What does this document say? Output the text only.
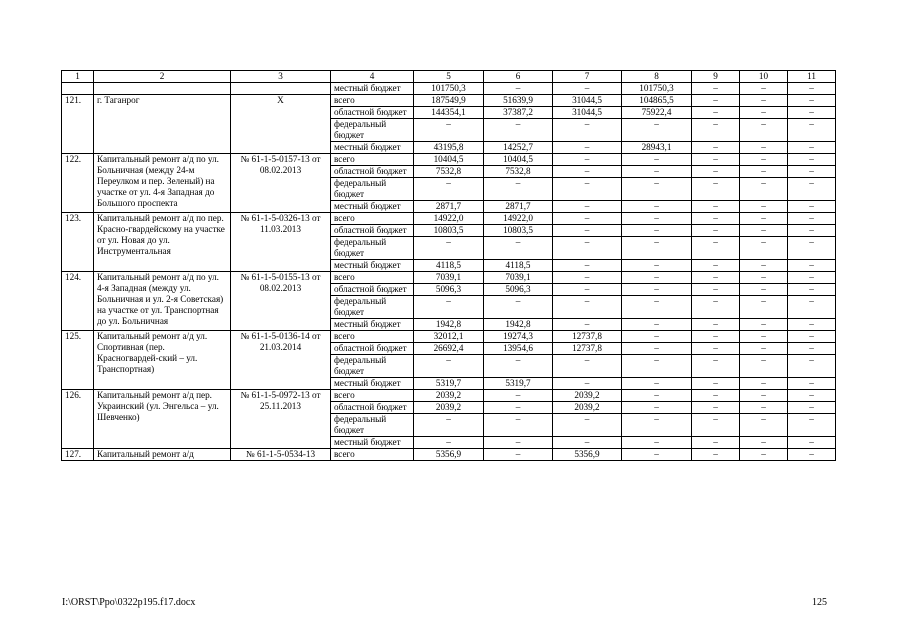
1	2	3	4	5	6	7	8	9	10	11
			местный бюджет	101750,3	–	–	101750,3	–	–	–
121.	г. Таганрог	X	всего	187549,9	51639,9	31044,5	104865,5	–	–	–
			областной бюджет	144354,1	37387,2	31044,5	75922,4	–	–	–
			федеральный бюджет	–	–	–	–	–	–	–
			местный бюджет	43195,8	14252,7	–	28943,1	–	–	–
122.	Капитальный ремонт а/д по ул. Больничная (между 24-м Переулком и пер. Зеленый) на участке от ул. 4-я Западная до Большого проспекта	№ 61-1-5-0157-13 от 08.02.2013	всего	10404,5	10404,5	–	–	–	–	–
			областной бюджет	7532,8	7532,8	–	–	–	–	–
			федеральный бюджет	–	–	–	–	–	–	–
			местный бюджет	2871,7	2871,7	–	–	–	–	–
123.	Капитальный ремонт а/д по пер. Красно-гвардейскому на участке от ул. Новая до ул. Инструментальная	№ 61-1-5-0326-13 от 11.03.2013	всего	14922,0	14922,0	–	–	–	–	–
			областной бюджет	10803,5	10803,5	–	–	–	–	–
			федеральный бюджет	–	–	–	–	–	–	–
			местный бюджет	4118,5	4118,5	–	–	–	–	–
124.	Капитальный ремонт а/д по ул. 4-я Западная (между ул. Больничная и ул. 2-я Советская) на участке от ул. Транспортная до ул. Больничная	№ 61-1-5-0155-13 от 08.02.2013	всего	7039,1	7039,1	–	–	–	–	–
			областной бюджет	5096,3	5096,3	–	–	–	–	–
			федеральный бюджет	–	–	–	–	–	–	–
			местный бюджет	1942,8	1942,8	–	–	–	–	–
125.	Капитальный ремонт а/д ул. Спортивная (пер. Красногвардей-ский – ул. Транспортная)	№ 61-1-5-0136-14 от 21.03.2014	всего	32012,1	19274,3	12737,8	–	–	–	–
			областной бюджет	26692,4	13954,6	12737,8	–	–	–	–
			федеральный бюджет	–	–	–	–	–	–	–
			местный бюджет	5319,7	5319,7	–	–	–	–	–
126.	Капитальный ремонт а/д пер. Украинский (ул. Энгельса – ул. Шевченко)	№ 61-1-5-0972-13 от 25.11.2013	всего	2039,2	–	2039,2	–	–	–	–
			областной бюджет	2039,2	–	2039,2	–	–	–	–
			федеральный бюджет	–	–	–	–	–	–	–
			местный бюджет	–	–	–	–	–	–	–
127.	Капитальный ремонт а/д	№ 61-1-5-0534-13	всего	5356,9	–	5356,9	–	–	–	–
I:\ORST\Ppo\0322p195.f17.docx	125
